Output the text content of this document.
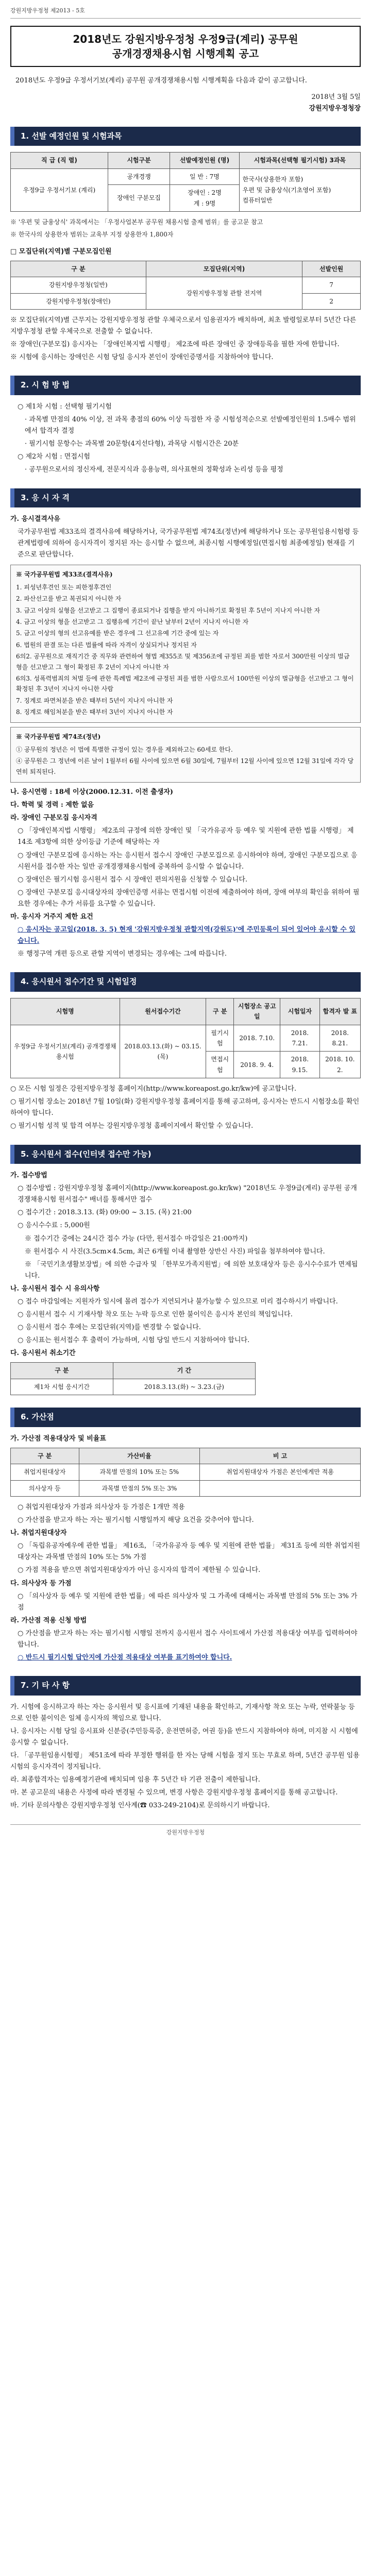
강원지방우정청 제2013 - 5호
2018년도 강원지방우정청 우정9급(계리) 공무원
공개경쟁채용시험 시행계획 공고

2018년도 우정9급 우정서기보(계리) 공무원 공개경쟁채용시험 시행계획을 다음과 같이 공고합니다.

2018년 3월 5일

강원지방우정청장

1. 선발 예정인원 및 시험과목
직 급 (직 렬)	시험구분	선발예정인원 (명)	시험과목(선택형 필기시험) 3과목
우정9급 우정서기보 (계리)	공개경쟁	일 반 : 7명	한국사(상용한자 포함)
우편 및 금융상식(기초영어 포함)
컴퓨터일반

	장애인 구분모집	장애인 : 2명
계 : 9명	

※ '우편 및 금융상식' 과목에서는 「우정사업본부 공무원 채용시험 출제 범위」를 공고문 참고

※ 한국사의 상용한자 범위는 교육부 지정 상용한자 1,800자

□ 모집단위(지역)별 구분모집인원

구 분	모집단위(지역)	선발인원
강원지방우정청(일반)	강원지방우정청 관할 전지역	7
강원지방우정청(장애인)		2

※ 모집단위(지역)별 근무지는 강원지방우정청 관할 우체국으로서 임용권자가 배치하며, 최초 발령일로부터 5년간 다른 지방우정청 관할 우체국으로 전출할 수 없습니다.

※ 장애인(구분모집) 응시자는 「장애인복지법 시행령」 제2조에 따른 장애인 중 장애등록을 필한 자에 한합니다.

※ 시험에 응시하는 장애인은 시험 당일 응시자 본인이 장애인증명서를 지참하여야 합니다.

2. 시 험 방 법

○ 제1차 시험 : 선택형 필기시험

· 과목별 만점의 40% 이상, 전 과목 총점의 60% 이상 득점한 자 중 시험성적순으로 선발예정인원의 1.5배수 범위에서 합격자 결정

· 필기시험 문항수는 과목별 20문항(4지선다형), 과목당 시험시간은 20분

○ 제2차 시험 : 면접시험

· 공무원으로서의 정신자세, 전문지식과 응용능력, 의사표현의 정확성과 논리성 등을 평정

3. 응 시 자 격

가. 응시결격사유

국가공무원법 제33조의 결격사유에 해당하거나, 국가공무원법 제74조(정년)에 해당하거나 또는 공무원임용시험령 등 관계법령에 의하여 응시자격이 정지된 자는 응시할 수 없으며, 최종시험 시행예정일(면접시험 최종예정일) 현재를 기준으로 판단합니다.

※ 국가공무원법 제33조(결격사유)
1. 피성년후견인 또는 피한정후견인
2. 파산선고를 받고 복권되지 아니한 자
3. 금고 이상의 실형을 선고받고 그 집행이 종료되거나 집행을 받지 아니하기로 확정된 후 5년이 지나지 아니한 자
4. 금고 이상의 형을 선고받고 그 집행유예 기간이 끝난 날부터 2년이 지나지 아니한 자
5. 금고 이상의 형의 선고유예를 받은 경우에 그 선고유예 기간 중에 있는 자
6. 법원의 판결 또는 다른 법률에 따라 자격이 상실되거나 정지된 자
6의2. 공무원으로 재직기간 중 직무와 관련하여 형법 제355조 및 제356조에 규정된 죄를 범한 자로서 300만원 이상의 벌금형을 선고받고 그 형이 확정된 후 2년이 지나지 아니한 자
6의3. 성폭력범죄의 처벌 등에 관한 특례법 제2조에 규정된 죄를 범한 사람으로서 100만원 이상의 벌금형을 선고받고 그 형이 확정된 후 3년이 지나지 아니한 사람
7. 징계로 파면처분을 받은 때부터 5년이 지나지 아니한 자
8. 징계로 해임처분을 받은 때부터 3년이 지나지 아니한 자
※ 국가공무원법 제74조(정년)
① 공무원의 정년은 이 법에 특별한 규정이 있는 경우를 제외하고는 60세로 한다.
④ 공무원은 그 정년에 이른 날이 1월부터 6월 사이에 있으면 6월 30일에, 7월부터 12월 사이에 있으면 12월 31일에 각각 당연히 퇴직된다.

나. 응시연령 : 18세 이상(2000.12.31. 이전 출생자)

다. 학력 및 경력 : 제한 없음

라. 장애인 구분모집 응시자격

○ 「장애인복지법 시행령」 제2조의 규정에 의한 장애인 및 「국가유공자 등 예우 및 지원에 관한 법률 시행령」 제14조 제3항에 의한 상이등급 기준에 해당하는 자

○ 장애인 구분모집에 응시하는 자는 응시원서 접수시 장애인 구분모집으로 응시하여야 하며, 장애인 구분모집으로 응시원서를 접수한 자는 일반 공개경쟁채용시험에 중복하여 응시할 수 없습니다.

○ 장애인은 필기시험 응시원서 접수 시 장애인 편의지원을 신청할 수 있습니다.

○ 장애인 구분모집 응시대상자의 장애인증명 서류는 면접시험 이전에 제출하여야 하며, 장애 여부의 확인을 위하여 필요한 경우에는 추가 서류를 요구할 수 있습니다.

마. 응시자 거주지 제한 요건

○ 응시자는 공고일(2018. 3. 5) 현재 '강원지방우정청 관할지역(강원도)'에 주민등록이 되어 있어야 응시할 수 있습니다.

※ 행정구역 개편 등으로 관할 지역이 변경되는 경우에는 그에 따릅니다.

4. 응시원서 접수기간 및 시험일정
시험명	원서접수기간	구 분	시험장소 공고일	시험일자	합격자 발 표
우정9급 우정서기보(계리) 공개경쟁채용시험	2018.03.13.(화) ~ 03.15.(목)	필기시험	2018. 7.10.	2018. 7.21.	2018. 8.21.
		면접시험	2018. 9. 4.	2018. 9.15.	2018. 10. 2.

○ 모든 시험 일정은 강원지방우정청 홈페이지(http://www.koreapost.go.kr/kw)에 공고합니다.

○ 필기시험 장소는 2018년 7월 10일(화) 강원지방우정청 홈페이지를 통해 공고하며, 응시자는 반드시 시험장소를 확인하여야 합니다.

○ 필기시험 성적 및 합격 여부는 강원지방우정청 홈페이지에서 확인할 수 있습니다.

5. 응시원서 접수(인터넷 접수만 가능)

가. 접수방법

○ 접수방법 : 강원지방우정청 홈페이지(http://www.koreapost.go.kr/kw) "2018년도 우정9급(계리) 공무원 공개경쟁채용시험 원서접수" 배너를 통해서만 접수

○ 접수기간 : 2018.3.13. (화) 09:00 ~ 3.15. (목) 21:00

○ 응시수수료 : 5,000원

※ 접수기간 중에는 24시간 접수 가능 (다만, 원서접수 마감일은 21:00까지)

※ 원서접수 시 사진(3.5cm×4.5cm, 최근 6개월 이내 촬영한 상반신 사진) 파일을 첨부하여야 합니다.

※ 「국민기초생활보장법」에 의한 수급자 및 「한부모가족지원법」에 의한 보호대상자 등은 응시수수료가 면제됩니다.

나. 응시원서 접수 시 유의사항

○ 접수 마감일에는 지원자가 일시에 몰려 접수가 지연되거나 불가능할 수 있으므로 미리 접수하시기 바랍니다.

○ 응시원서 접수 시 기재사항 착오 또는 누락 등으로 인한 불이익은 응시자 본인의 책임입니다.

○ 응시원서 접수 후에는 모집단위(지역)를 변경할 수 없습니다.

○ 응시표는 원서접수 후 출력이 가능하며, 시험 당일 반드시 지참하여야 합니다.

다. 응시원서 취소기간

구 분	기 간
제1차 시험 응시기간	2018.3.13.(화) ~ 3.23.(금)
6. 가산점

가. 가산점 적용대상자 및 비율표

구 분	가산비율	비 고
취업지원대상자	과목별 만점의 10% 또는 5%	취업지원대상자 가점은 본인에게만 적용
의사상자 등	과목별 만점의 5% 또는 3%	

○ 취업지원대상자 가점과 의사상자 등 가점은 1개만 적용

○ 가산점을 받고자 하는 자는 필기시험 시행일까지 해당 요건을 갖추어야 합니다.

나. 취업지원대상자

○ 「독립유공자예우에 관한 법률」 제16조, 「국가유공자 등 예우 및 지원에 관한 법률」 제31조 등에 의한 취업지원대상자는 과목별 만점의 10% 또는 5% 가점

○ 가점 적용을 받으면 취업지원대상자가 아닌 응시자의 합격이 제한될 수 있습니다.

다. 의사상자 등 가점

○ 「의사상자 등 예우 및 지원에 관한 법률」에 따른 의사상자 및 그 가족에 대해서는 과목별 만점의 5% 또는 3% 가점

라. 가산점 적용 신청 방법

○ 가산점을 받고자 하는 자는 필기시험 시행일 전까지 응시원서 접수 사이트에서 가산점 적용대상 여부를 입력하여야 합니다.

○ 반드시 필기시험 답안지에 가산점 적용대상 여부를 표기하여야 합니다.

7. 기 타 사 항

가. 시험에 응시하고자 하는 자는 응시원서 및 응시표에 기재된 내용을 확인하고, 기재사항 착오 또는 누락, 연락불능 등으로 인한 불이익은 일체 응시자의 책임으로 합니다.

나. 응시자는 시험 당일 응시표와 신분증(주민등록증, 운전면허증, 여권 등)을 반드시 지참하여야 하며, 미지참 시 시험에 응시할 수 없습니다.

다. 「공무원임용시험령」 제51조에 따라 부정한 행위를 한 자는 당해 시험을 정지 또는 무효로 하며, 5년간 공무원 임용시험의 응시자격이 정지됩니다.

라. 최종합격자는 임용예정기관에 배치되며 임용 후 5년간 타 기관 전출이 제한됩니다.

마. 본 공고문의 내용은 사정에 따라 변경될 수 있으며, 변경 사항은 강원지방우정청 홈페이지를 통해 공고합니다.

바. 기타 문의사항은 강원지방우정청 인사계(☎ 033-249-2104)로 문의하시기 바랍니다.

강원지방우정청
